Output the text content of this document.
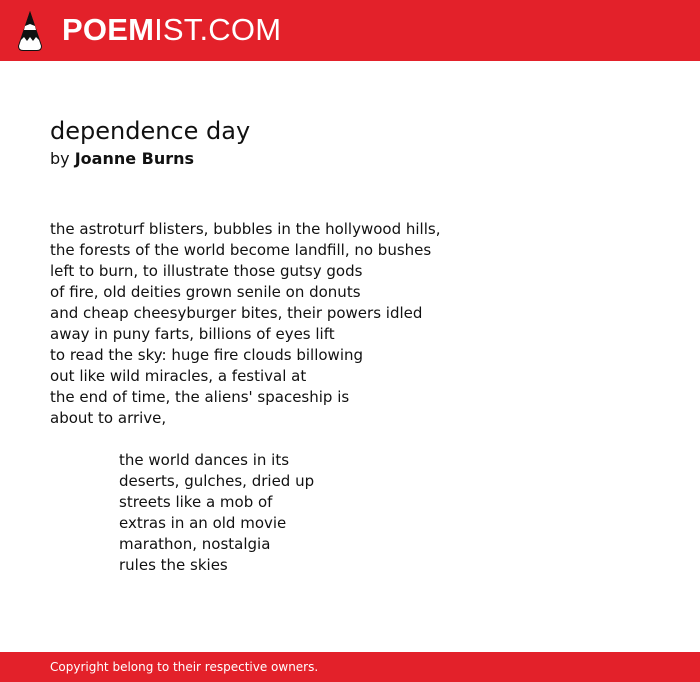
POEMIST.COM
dependence day
by Joanne Burns
the astroturf blisters, bubbles in the hollywood hills,
the forests of the world become landfill, no bushes
left to burn, to illustrate those gutsy gods
of fire, old deities grown senile on donuts
and cheap cheesyburger bites, their powers idled
away in puny farts, billions of eyes lift
to read the sky: huge fire clouds billowing
out like wild miracles, a festival at
the end of time, the aliens' spaceship is
about to arrive,
the world dances in its
deserts, gulches, dried up
streets like a mob of
extras in an old movie
marathon, nostalgia
rules the skies
Copyright belong to their respective owners.
